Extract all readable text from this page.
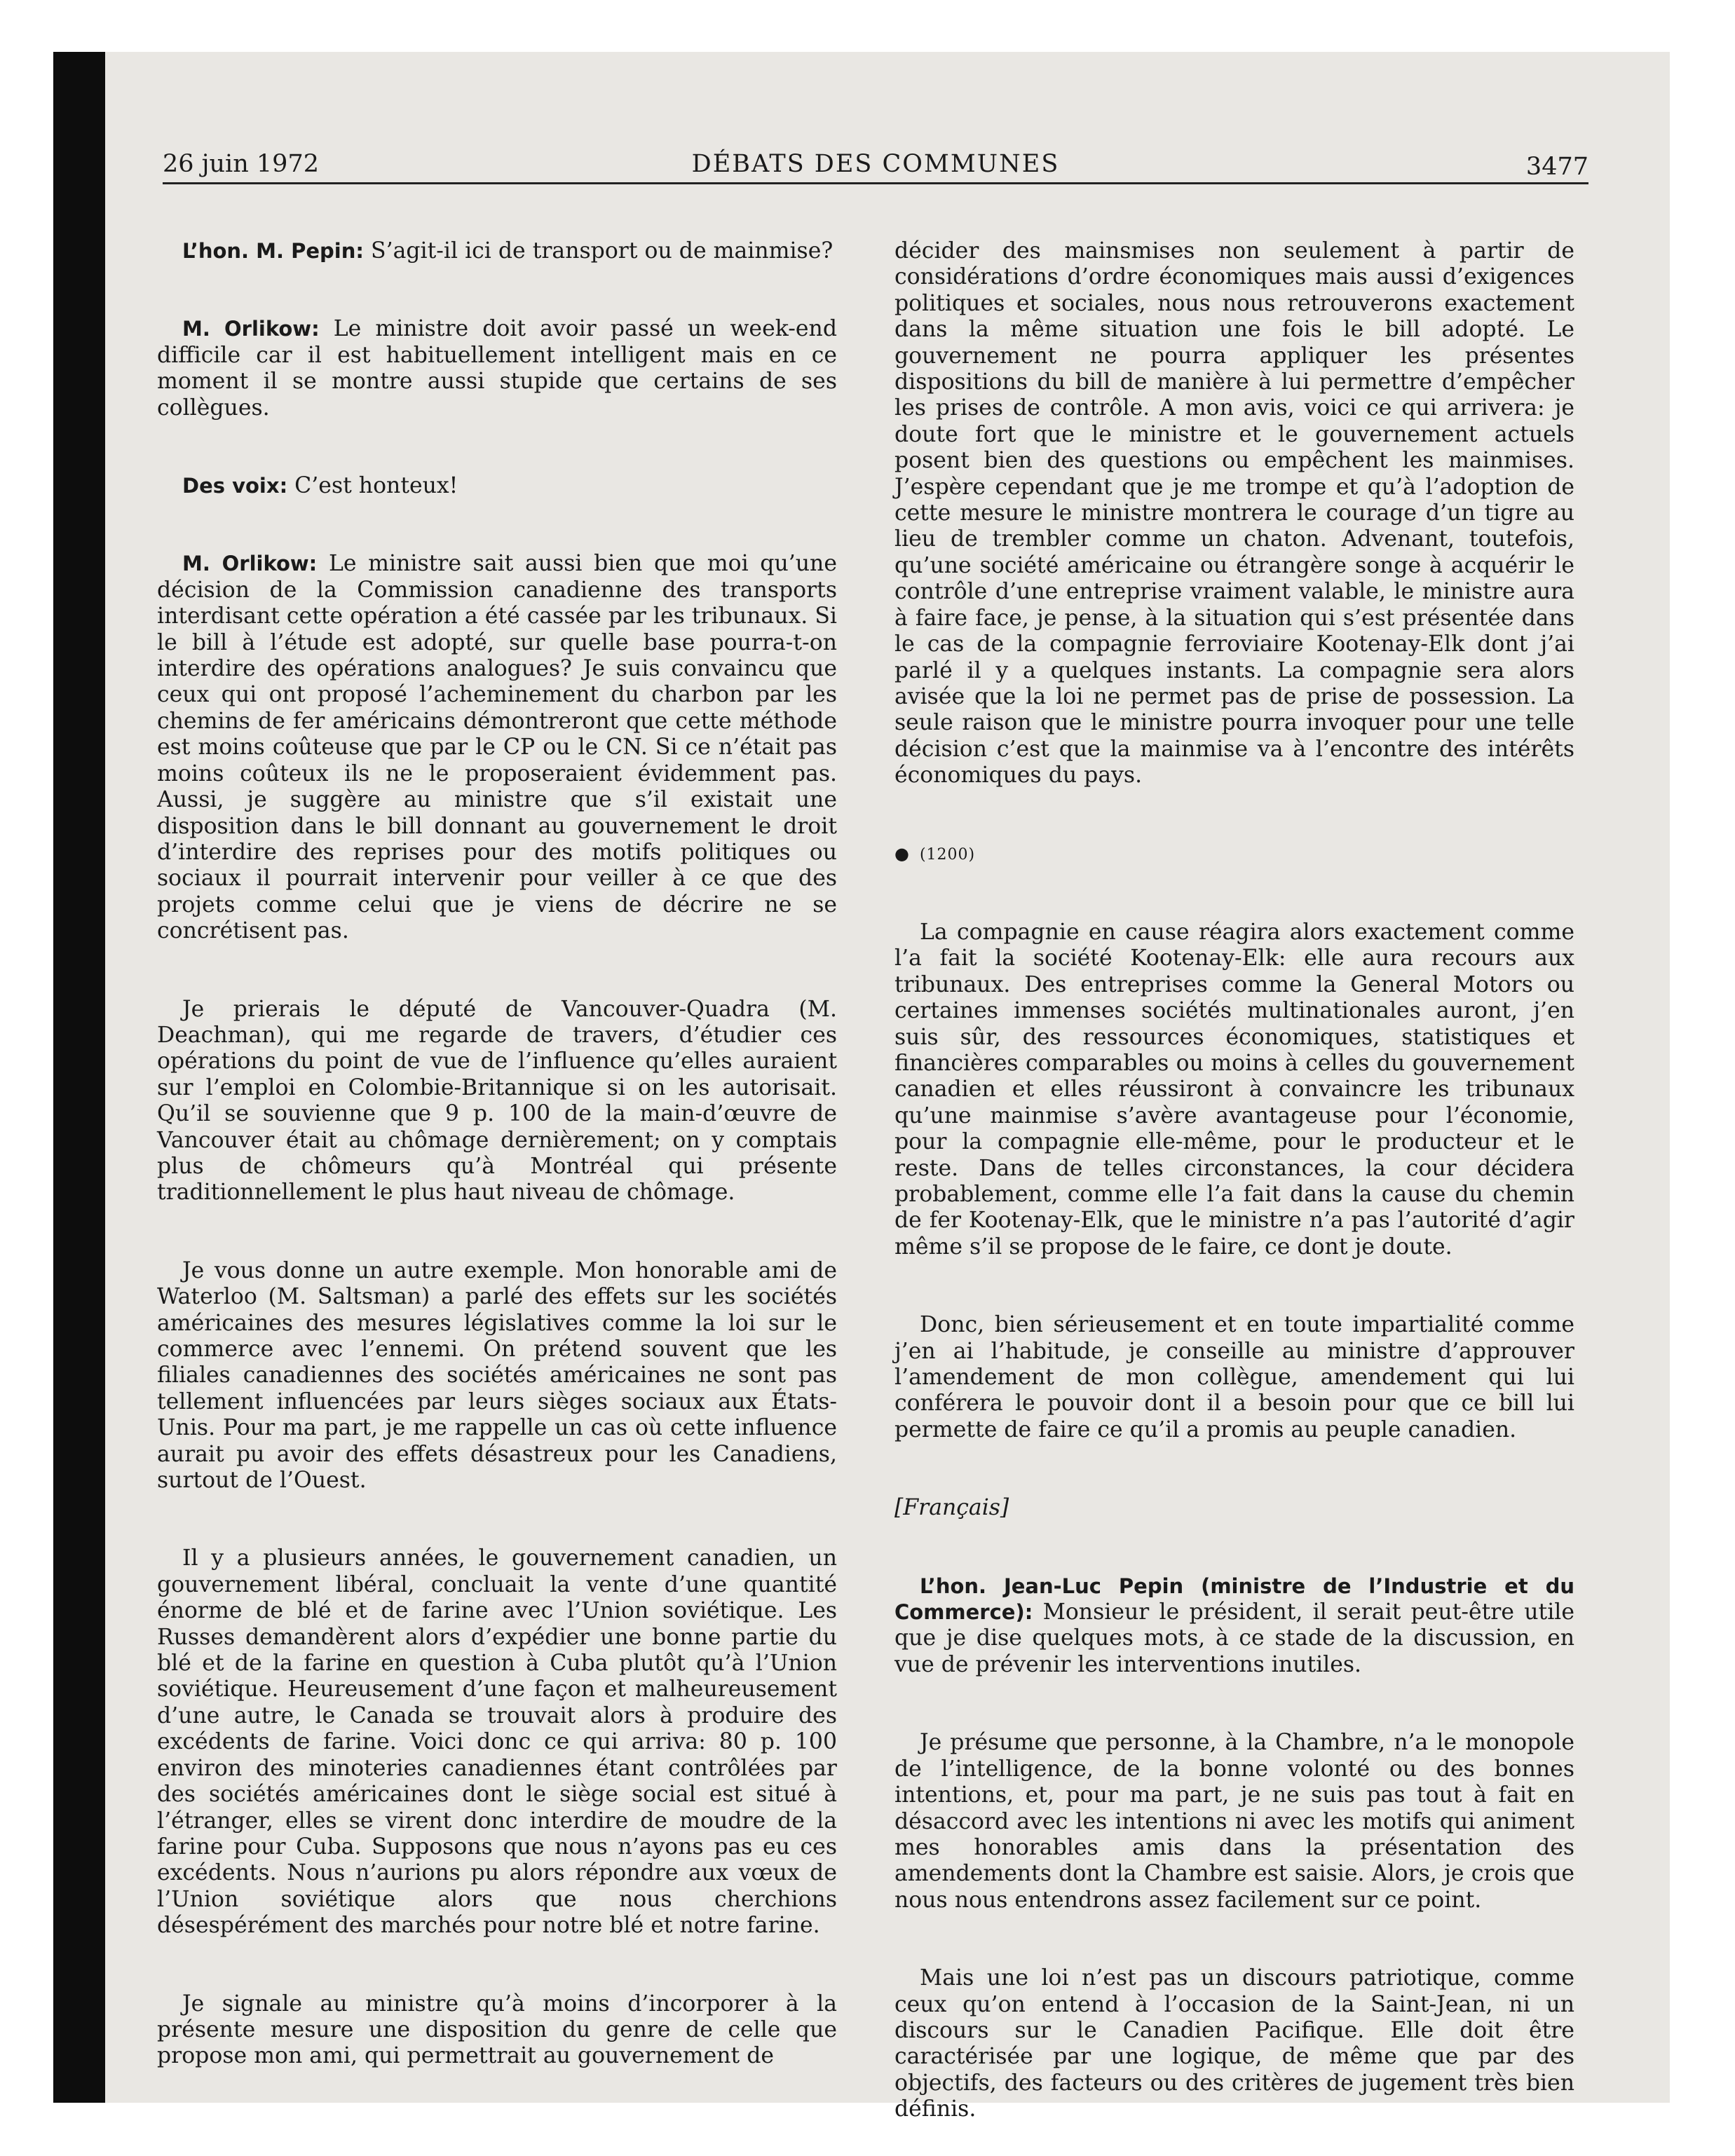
26 juin 1972	DÉBATS DES COMMUNES	3477

L’hon. M. Pepin: S’agit-il ici de transport ou de mainmise?

M. Orlikow: Le ministre doit avoir passé un week-end difficile car il est habituellement intelligent mais en ce moment il se montre aussi stupide que certains de ses collègues.

Des voix: C’est honteux!

M. Orlikow: Le ministre sait aussi bien que moi qu’une décision de la Commission canadienne des transports interdisant cette opération a été cassée par les tribunaux. Si le bill à l’étude est adopté, sur quelle base pourra-t-on interdire des opérations analogues? Je suis convaincu que ceux qui ont proposé l’acheminement du charbon par les chemins de fer américains démontreront que cette méthode est moins coûteuse que par le CP ou le CN. Si ce n’était pas moins coûteux ils ne le proposeraient évidemment pas. Aussi, je suggère au ministre que s’il existait une disposition dans le bill donnant au gouvernement le droit d’interdire des reprises pour des motifs politiques ou sociaux il pourrait intervenir pour veiller à ce que des projets comme celui que je viens de décrire ne se concrétisent pas.

Je prierais le député de Vancouver-Quadra (M. Deachman), qui me regarde de travers, d’étudier ces opérations du point de vue de l’influence qu’elles auraient sur l’emploi en Colombie-Britannique si on les autorisait. Qu’il se souvienne que 9 p. 100 de la main-d’œuvre de Vancouver était au chômage dernièrement; on y comptais plus de chômeurs qu’à Montréal qui présente traditionnellement le plus haut niveau de chômage.

Je vous donne un autre exemple. Mon honorable ami de Waterloo (M. Saltsman) a parlé des effets sur les sociétés américaines des mesures législatives comme la loi sur le commerce avec l’ennemi. On prétend souvent que les filiales canadiennes des sociétés américaines ne sont pas tellement influencées par leurs sièges sociaux aux États-Unis. Pour ma part, je me rappelle un cas où cette influence aurait pu avoir des effets désastreux pour les Canadiens, surtout de l’Ouest.

Il y a plusieurs années, le gouvernement canadien, un gouvernement libéral, concluait la vente d’une quantité énorme de blé et de farine avec l’Union soviétique. Les Russes demandèrent alors d’expédier une bonne partie du blé et de la farine en question à Cuba plutôt qu’à l’Union soviétique. Heureusement d’une façon et malheureusement d’une autre, le Canada se trouvait alors à produire des excédents de farine. Voici donc ce qui arriva: 80 p. 100 environ des minoteries canadiennes étant contrôlées par des sociétés américaines dont le siège social est situé à l’étranger, elles se virent donc interdire de moudre de la farine pour Cuba. Supposons que nous n’ayons pas eu ces excédents. Nous n’aurions pu alors répondre aux vœux de l’Union soviétique alors que nous cherchions désespérément des marchés pour notre blé et notre farine.

Je signale au ministre qu’à moins d’incorporer à la présente mesure une disposition du genre de celle que propose mon ami, qui permettrait au gouvernement de

décider des mainsmises non seulement à partir de considérations d’ordre économiques mais aussi d’exigences politiques et sociales, nous nous retrouverons exactement dans la même situation une fois le bill adopté. Le gouvernement ne pourra appliquer les présentes dispositions du bill de manière à lui permettre d’empêcher les prises de contrôle. A mon avis, voici ce qui arrivera: je doute fort que le ministre et le gouvernement actuels posent bien des questions ou empêchent les mainmises. J’espère cependant que je me trompe et qu’à l’adoption de cette mesure le ministre montrera le courage d’un tigre au lieu de trembler comme un chaton. Advenant, toutefois, qu’une société américaine ou étrangère songe à acquérir le contrôle d’une entreprise vraiment valable, le ministre aura à faire face, je pense, à la situation qui s’est présentée dans le cas de la compagnie ferroviaire Kootenay-Elk dont j’ai parlé il y a quelques instants. La compagnie sera alors avisée que la loi ne permet pas de prise de possession. La seule raison que le ministre pourra invoquer pour une telle décision c’est que la mainmise va à l’encontre des intérêts économiques du pays.

● (1200)

La compagnie en cause réagira alors exactement comme l’a fait la société Kootenay-Elk: elle aura recours aux tribunaux. Des entreprises comme la General Motors ou certaines immenses sociétés multinationales auront, j’en suis sûr, des ressources économiques, statistiques et financières comparables ou moins à celles du gouvernement canadien et elles réussiront à convaincre les tribunaux qu’une mainmise s’avère avantageuse pour l’économie, pour la compagnie elle-même, pour le producteur et le reste. Dans de telles circonstances, la cour décidera probablement, comme elle l’a fait dans la cause du chemin de fer Kootenay-Elk, que le ministre n’a pas l’autorité d’agir même s’il se propose de le faire, ce dont je doute.

Donc, bien sérieusement et en toute impartialité comme j’en ai l’habitude, je conseille au ministre d’approuver l’amendement de mon collègue, amendement qui lui conférera le pouvoir dont il a besoin pour que ce bill lui permette de faire ce qu’il a promis au peuple canadien.

[Français]

L’hon. Jean-Luc Pepin (ministre de l’Industrie et du Commerce): Monsieur le président, il serait peut-être utile que je dise quelques mots, à ce stade de la discussion, en vue de prévenir les interventions inutiles.

Je présume que personne, à la Chambre, n’a le monopole de l’intelligence, de la bonne volonté ou des bonnes intentions, et, pour ma part, je ne suis pas tout à fait en désaccord avec les intentions ni avec les motifs qui animent mes honorables amis dans la présentation des amendements dont la Chambre est saisie. Alors, je crois que nous nous entendrons assez facilement sur ce point.

Mais une loi n’est pas un discours patriotique, comme ceux qu’on entend à l’occasion de la Saint-Jean, ni un discours sur le Canadien Pacifique. Elle doit être caractérisée par une logique, de même que par des objectifs, des facteurs ou des critères de jugement très bien définis.
